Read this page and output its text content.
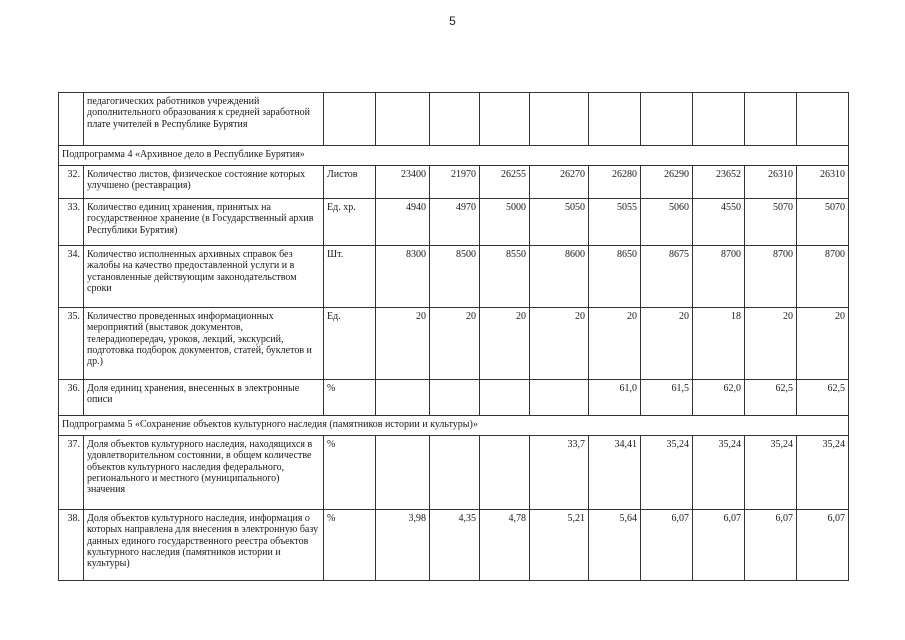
5
	педагогических работников учреждений дополнительного образования к средней заработной плате учителей в Республике Бурятия										
Подпрограмма 4 «Архивное дело в Республике Бурятия»											
32.	Количество листов, физическое состояние которых улучшено (реставрация)	Листов	23400	21970	26255	26270	26280	26290	23652	26310	26310
33.	Количество единиц хранения, принятых на государственное хранение (в Государственный архив Республики Бурятия)	Ед. хр.	4940	4970	5000	5050	5055	5060	4550	5070	5070
34.	Количество исполненных архивных справок без жалобы на качество предоставленной услуги и в установленные действующим законодательством сроки	Шт.	8300	8500	8550	8600	8650	8675	8700	8700	8700
35.	Количество проведенных информационных мероприятий (выставок документов, телерадиопередач, уроков, лекций, экскурсий, подготовка подборок документов, статей, буклетов и др.)	Ед.	20	20	20	20	20	20	18	20	20
36.	Доля единиц хранения, внесенных в электронные описи	%					61,0	61,5	62,0	62,5	62,5
Подпрограмма 5 «Сохранение объектов культурного наследия (памятников истории и культуры)»											
37.	Доля объектов культурного наследия, находящихся в удовлетворительном состоянии, в общем количестве объектов культурного наследия федерального, регионального и местного (муниципального) значения	%				33,7	34,41	35,24	35,24	35,24	35,24
38.	Доля объектов культурного наследия, информация о которых направлена для внесения в электронную базу данных единого государственного реестра объектов культурного наследия (памятников истории и культуры)	%	3,98	4,35	4,78	5,21	5,64	6,07	6,07	6,07	6,07
